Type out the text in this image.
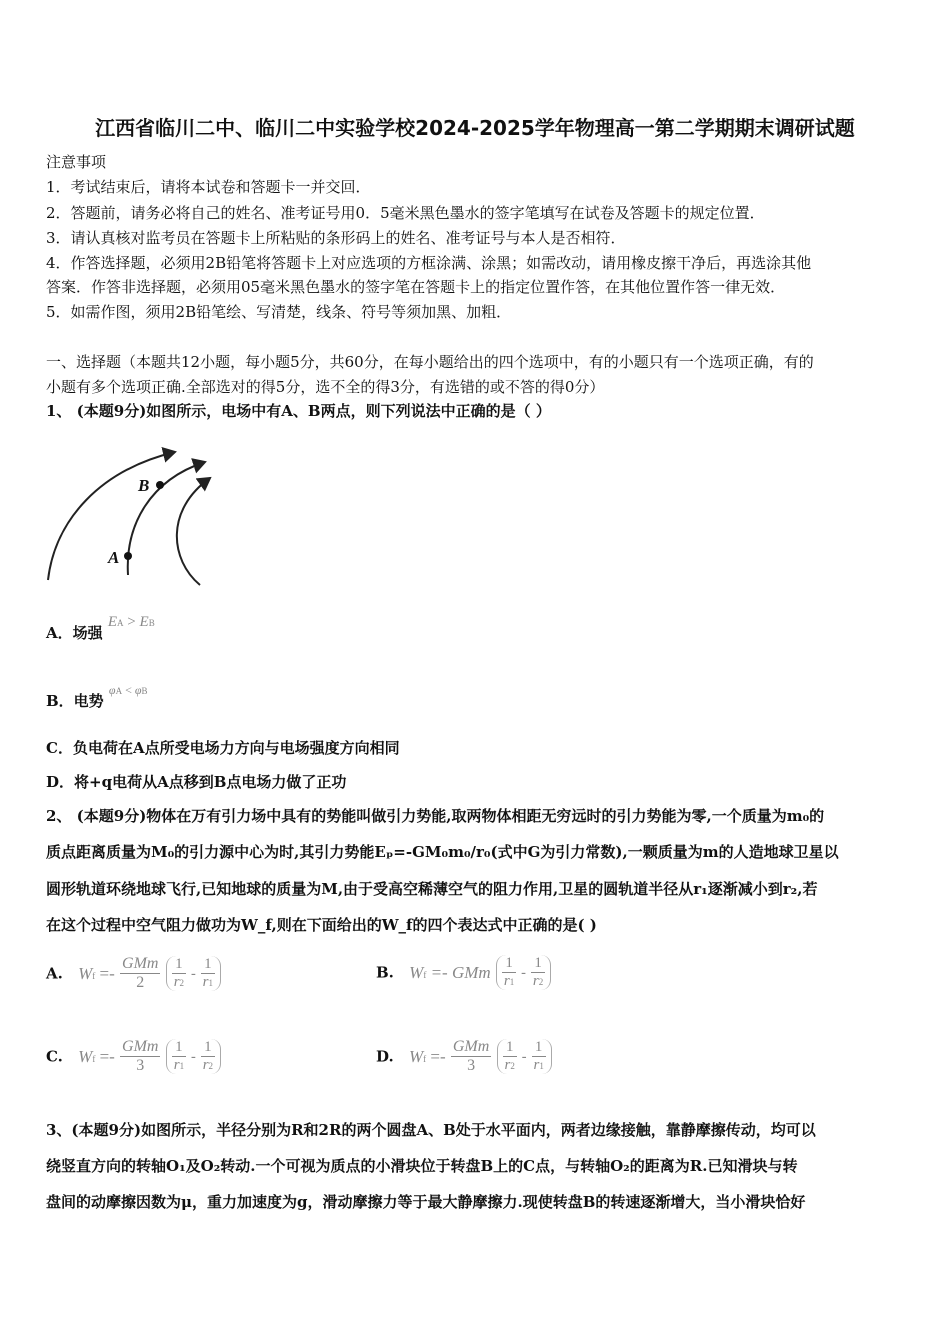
江西省临川二中、临川二中实验学校2024-2025学年物理高一第二学期期末调研试题
注意事项
1．考试结束后，请将本试卷和答题卡一并交回．
2．答题前，请务必将自己的姓名、准考证号用0．5毫米黑色墨水的签字笔填写在试卷及答题卡的规定位置．
3．请认真核对监考员在答题卡上所粘贴的条形码上的姓名、准考证号与本人是否相符．
4．作答选择题，必须用2B铅笔将答题卡上对应选项的方框涂满、涂黑；如需改动，请用橡皮擦干净后，再选涂其他
答案．作答非选择题，必须用05毫米黑色墨水的签字笔在答题卡上的指定位置作答，在其他位置作答一律无效．
5．如需作图，须用2B铅笔绘、写清楚，线条、符号等须加黑、加粗．
一、选择题（本题共12小题，每小题5分，共60分，在每小题给出的四个选项中，有的小题只有一个选项正确，有的
小题有多个选项正确.全部选对的得5分，选不全的得3分，有选错的或不答的得0分）
1、 (本题9分)如图所示，电场中有A、B两点，则下列说法中正确的是（ ）
B
A
A．场强 EA > EB
B．电势 $^{\varphi A < \varphi B}$
C．负电荷在A点所受电场力方向与电场强度方向相同
D．将+q电荷从A点移到B点电场力做了正功
2、 (本题9分)物体在万有引力场中具有的势能叫做引力势能,取两物体相距无穷远时的引力势能为零,一个质量为m₀的
质点距离质量为M₀的引力源中心为时,其引力势能Eₚ=-GM₀m₀/r₀(式中G为引力常数),一颗质量为m的人造地球卫星以
圆形轨道环绕地球飞行,已知地球的质量为M,由于受高空稀薄空气的阻力作用,卫星的圆轨道半径从r₁逐渐减小到r₂,若
在这个过程中空气阻力做功为W_f,则在下面给出的W_f的四个表达式中正确的是( )
A. $Wf =- \frac{\text{GMm}}{2}$
$\frac{1}{r2} - \frac{1}{r1}$	B. Wf =- GMm $\frac{1}{r1} - \frac{1}{r2}$
C. $Wf =- \frac{\text{GMm}}{3}$
$\frac{1}{r1} - \frac{1}{r2}$	D. $Wf =- \frac{\text{GMm}}{3}$
$\frac{1}{r2} - \frac{1}{r1}$
3、(本题9分)如图所示，半径分别为R和2R的两个圆盘A、B处于水平面内，两者边缘接触，靠静摩擦传动，均可以
绕竖直方向的转轴O₁及O₂转动.一个可视为质点的小滑块位于转盘B上的C点，与转轴O₂的距离为R.已知滑块与转
盘间的动摩擦因数为μ，重力加速度为g，滑动摩擦力等于最大静摩擦力.现使转盘B的转速逐渐增大，当小滑块恰好
